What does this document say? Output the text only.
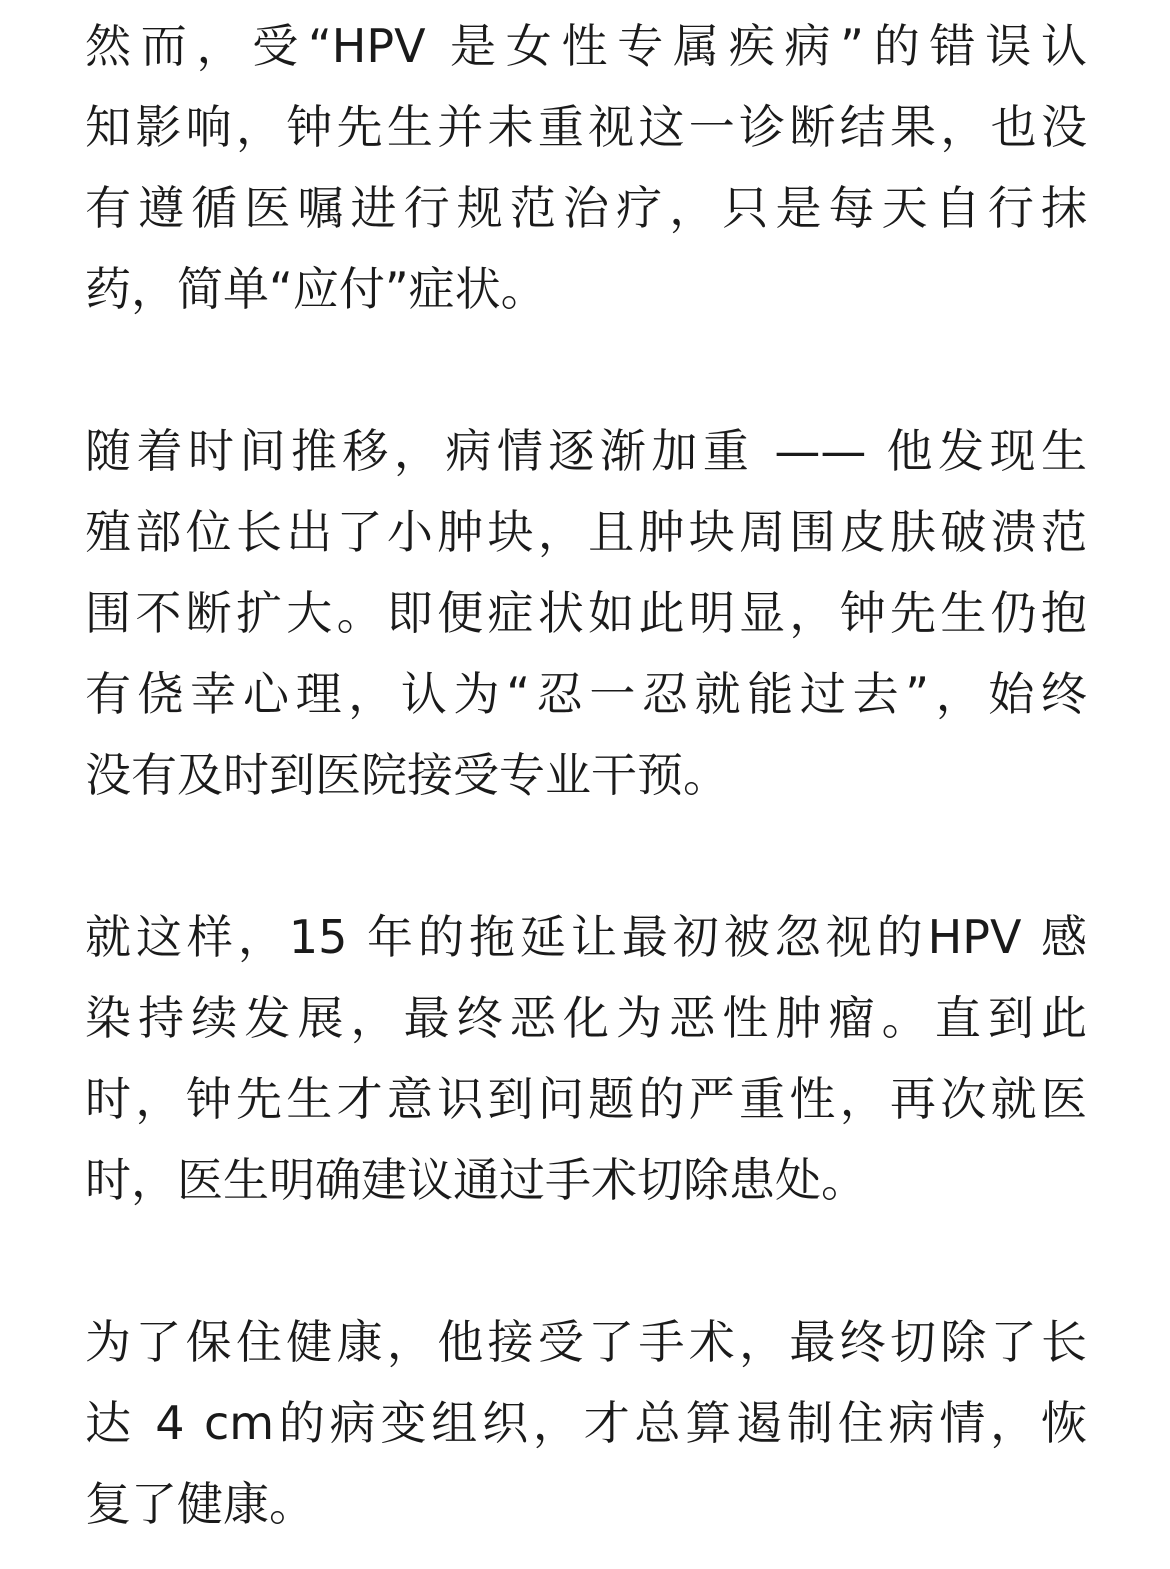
然而，受“HPV 是女性专属疾病”的错误认
知影响，钟先生并未重视这一诊断结果，也没
有遵循医嘱进行规范治疗，只是每天自行抹
药，简单“应付”症状。
随着时间推移，病情逐渐加重 —— 他发现生
殖部位长出了小肿块，且肿块周围皮肤破溃范
围不断扩大。即便症状如此明显，钟先生仍抱
有侥幸心理，认为“忍一忍就能过去”，始终
没有及时到医院接受专业干预。
就这样，15 年的拖延让最初被忽视的HPV 感
染持续发展，最终恶化为恶性肿瘤。直到此
时，钟先生才意识到问题的严重性，再次就医
时，医生明确建议通过手术切除患处。
为了保住健康，他接受了手术，最终切除了长
达 4 cm的病变组织，才总算遏制住病情，恢
复了健康。
